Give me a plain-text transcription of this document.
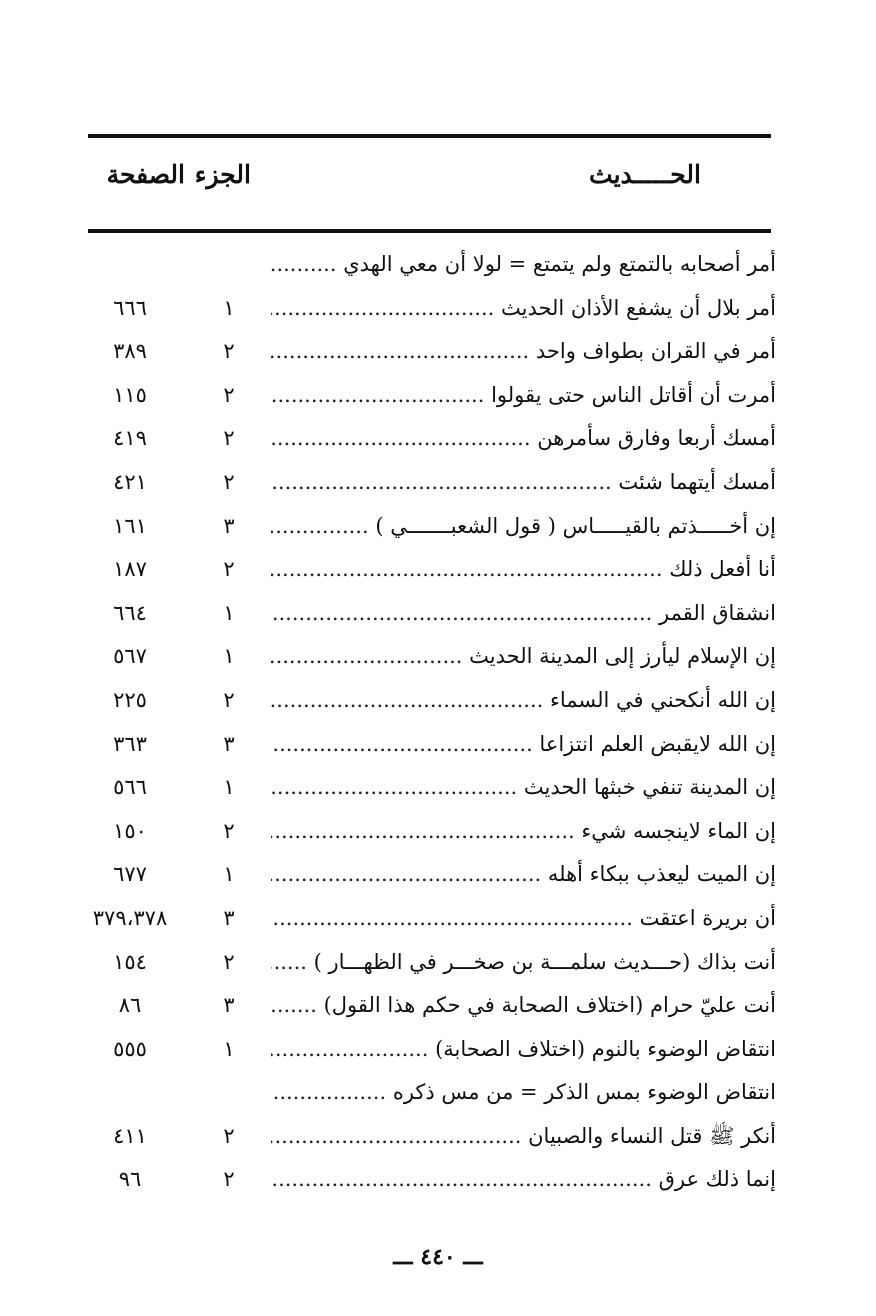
الحـــــديث
الجزء
الصفحة
أمر أصحابه بالتمتع ولم يتمتع = لولا أن معي الهدي .....
أمر بلال أن يشفع الأذان الحديث .....
١
٦٦٦
أمر في القران بطواف واحد .....
٢
٣٨٩
أمرت أن أقاتل الناس حتى يقولوا .....
٢
١١٥
أمسك أربعا وفارق سأمرهن .....
٢
٤١٩
أمسك أيتهما شئت .....
٢
٤٢١
إن أخـــــذتم بالقيـــــاس ( قول الشعبـــــــي ) .....
٣
١٦١
أنا أفعل ذلك .....
٢
١٨٧
انشقاق القمر .....
١
٦٦٤
إن الإسلام ليأرز إلى المدينة الحديث .....
١
٥٦٧
إن الله أنكحني في السماء .....
٢
٢٢٥
إن الله لايقبض العلم انتزاعا .....
٣
٣٦٣
إن المدينة تنفي خبثها الحديث .....
١
٥٦٦
إن الماء لاينجسه شيء .....
٢
١٥٠
إن الميت ليعذب ببكاء أهله .....
١
٦٧٧
أن بريرة اعتقت .....
٣
٣٧٩،٣٧٨
أنت بذاك (حـــديث سلمـــة بن صخـــر في الظهـــار ) .....
٢
١٥٤
أنت عليّ حرام (اختلاف الصحابة في حكم هذا القول) .....
٣
٨٦
انتقاض الوضوء بالنوم (اختلاف الصحابة) .....
١
٥٥٥
انتقاض الوضوء بمس الذكر = من مس ذكره .....
أنكر ﷺ قتل النساء والصبيان .....
٢
٤١١
إنما ذلك عرق .....
٢
٩٦
ـــ ٤٤٠ ـــ
